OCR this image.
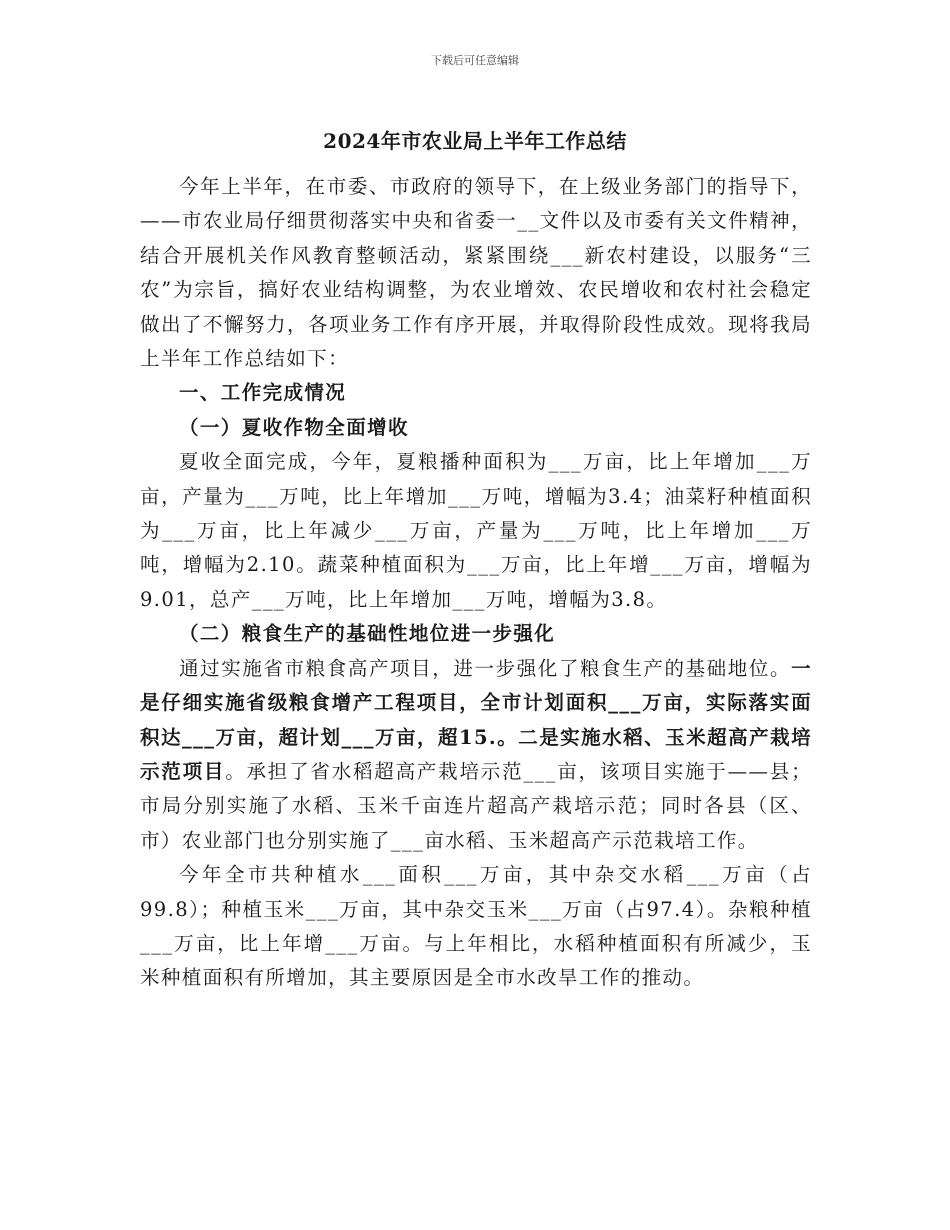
下载后可任意编辑
2024年市农业局上半年工作总结

今年上半年，在市委、市政府的领导下，在上级业务部门的指导下，——市农业局仔细贯彻落实中央和省委一__文件以及市委有关文件精神，结合开展机关作风教育整顿活动，紧紧围绕___新农村建设，以服务“三农”为宗旨，搞好农业结构调整，为农业增效、农民增收和农村社会稳定做出了不懈努力，各项业务工作有序开展，并取得阶段性成效。现将我局上半年工作总结如下：

一、工作完成情况

（一）夏收作物全面增收

夏收全面完成，今年，夏粮播种面积为___万亩，比上年增加___万亩，产量为___万吨，比上年增加___万吨，增幅为3.4；油菜籽种植面积为___万亩，比上年减少___万亩，产量为___万吨，比上年增加___万吨，增幅为2.10。蔬菜种植面积为___万亩，比上年增___万亩，增幅为9.01，总产___万吨，比上年增加___万吨，增幅为3.8。

（二）粮食生产的基础性地位进一步强化

通过实施省市粮食高产项目，进一步强化了粮食生产的基础地位。一是仔细实施省级粮食增产工程项目，全市计划面积___万亩，实际落实面积达___万亩，超计划___万亩，超15.。二是实施水稻、玉米超高产栽培示范项目。承担了省水稻超高产栽培示范___亩，该项目实施于——县；市局分别实施了水稻、玉米千亩连片超高产栽培示范；同时各县（区、市）农业部门也分别实施了___亩水稻、玉米超高产示范栽培工作。

今年全市共种植水___面积___万亩，其中杂交水稻___万亩（占99.8）；种植玉米___万亩，其中杂交玉米___万亩（占97.4）。杂粮种植___万亩，比上年增___万亩。与上年相比，水稻种植面积有所减少，玉米种植面积有所增加，其主要原因是全市水改旱工作的推动。
